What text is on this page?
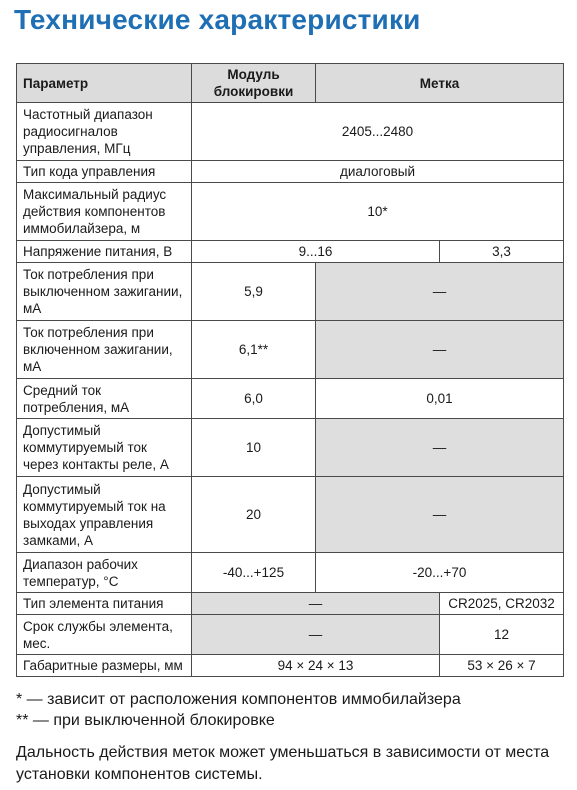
Технические характеристики
Параметр	Модуль блокировки	Метка	
Частотный диапазон радиосигналов управления, МГц	2405...2480		
Тип кода управления	диалоговый		
Максимальный радиус действия компонентов иммобилайзера, м	10*		
Напряжение питания, В	9...16		3,3
Ток потребления при выключенном зажигании, мА	5,9	—	
Ток потребления при включенном зажигании, мА	6,1**	—	
Средний ток потребления, мА	6,0	0,01	
Допустимый коммутируемый ток через контакты реле, А	10	—	
Допустимый коммутируемый ток на выходах управления замками, А	20	—	
Диапазон рабочих температур, °С	-40...+125	-20...+70	
Тип элемента питания	—		CR2025, CR2032
Срок службы элемента, мес.	—		12
Габаритные размеры, мм	94 × 24 × 13		53 × 26 × 7
* — зависит от расположения компонентов иммобилайзера
** — при выключенной блокировке
Дальность действия меток может уменьшаться в зависимости от места установки компонентов системы.
